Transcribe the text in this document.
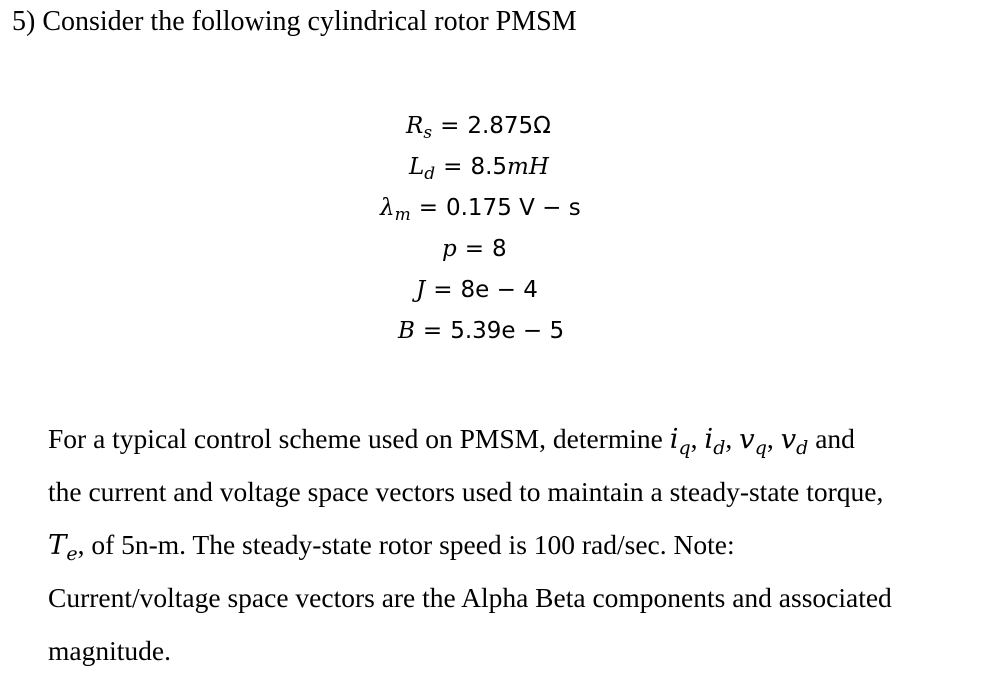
5) Consider the following cylindrical rotor PMSM
$R_s = 2.875\Omega$
$L_d = 8.5mH$
$\lambda_m = 0.175$ V − s
p = 8
J = 8e − 4
B = 5.39e − 5
For a typical control scheme used on PMSM, determine $i_q$, $i_d$, $v_q$, $v_d$ and
the current and voltage space vectors used to maintain a steady-state torque,
$T_e$, of 5n-m. The steady-state rotor speed is 100 rad/sec. Note:
Current/voltage space vectors are the Alpha Beta components and associated
magnitude.
